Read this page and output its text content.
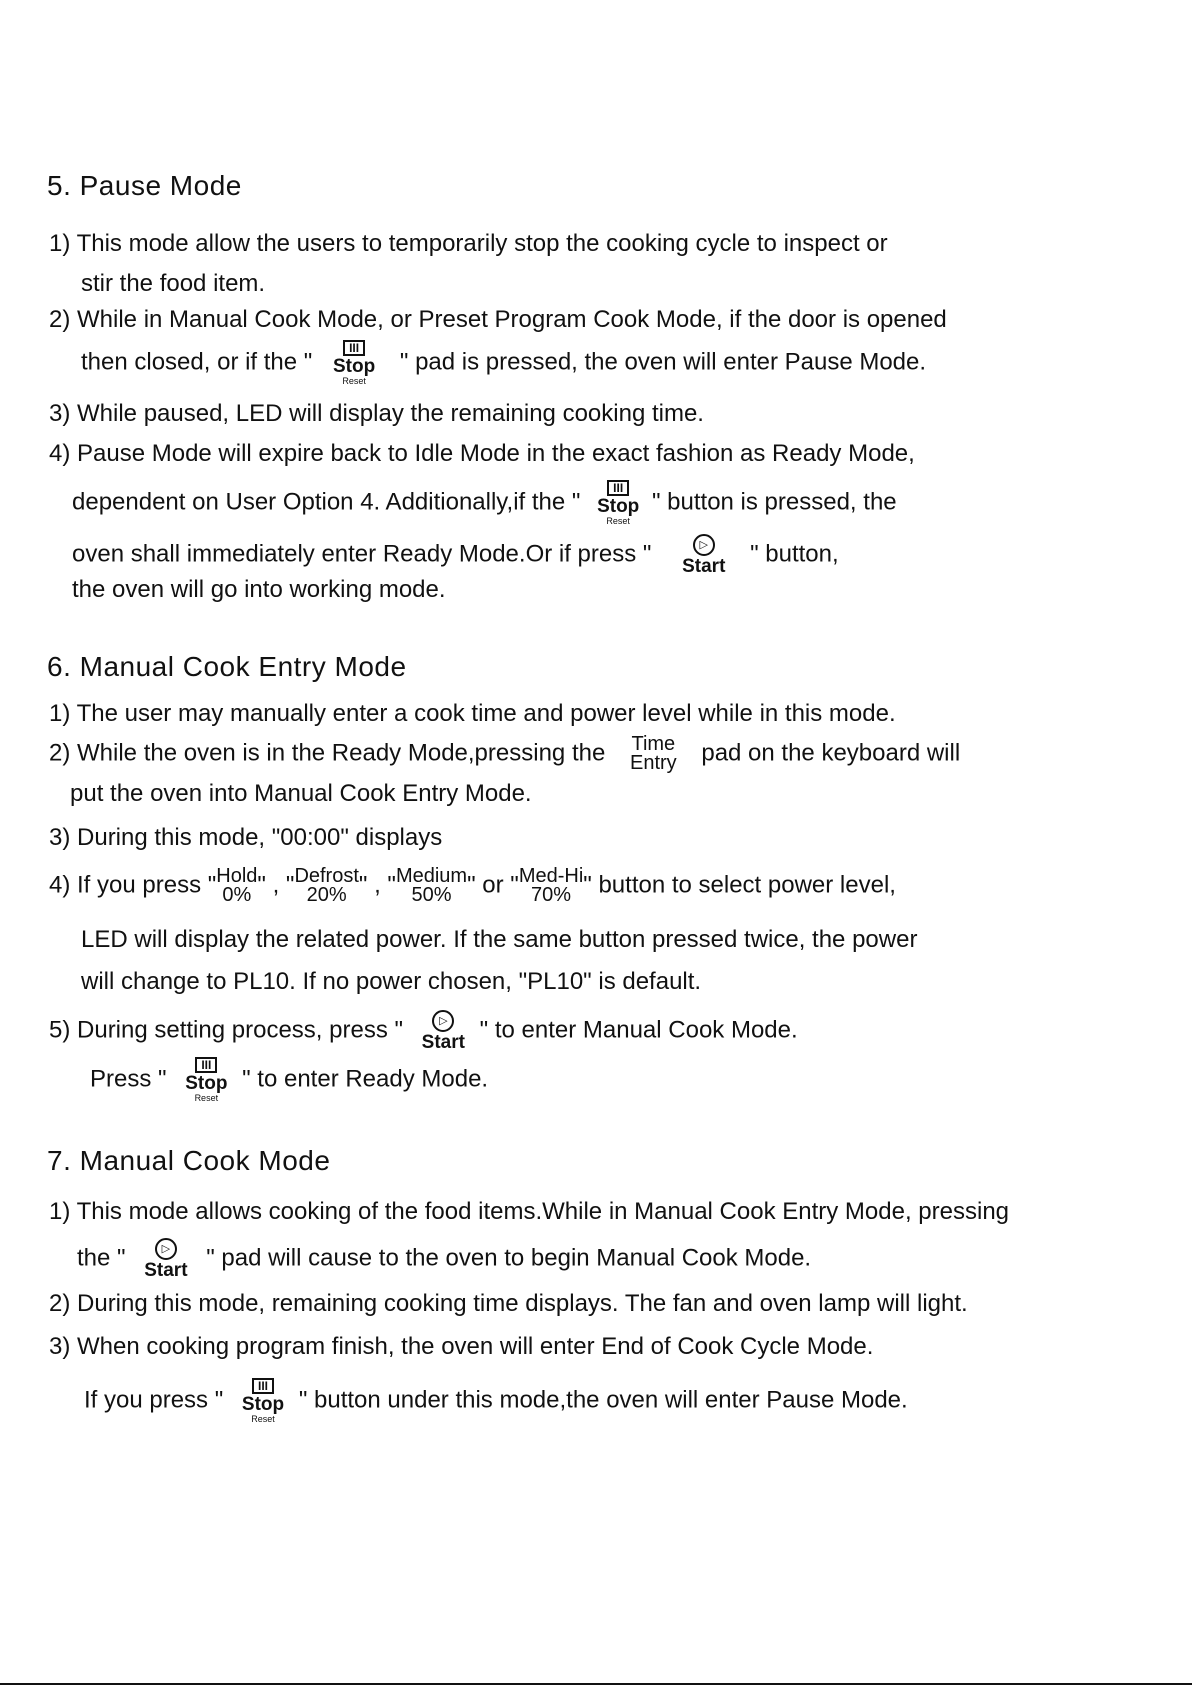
5. Pause Mode
1) This mode allow the users to temporarily stop the cooking cycle to inspect or
stir the food item.
2) While in Manual Cook Mode, or Preset Program Cook Mode, if the door is opened
then closed, or if the "
III
Stop
Reset
" pad is pressed, the oven will enter Pause Mode.
3) While paused, LED will display the remaining cooking time.
4) Pause Mode will expire back to Idle Mode in the exact fashion as Ready Mode,
dependent on User Option 4. Additionally,if the "
III
Stop
Reset
" button is pressed, the
oven shall immediately enter Ready Mode.Or if press "	▷
Start " button,
the oven will go into working mode.
6. Manual Cook Entry Mode
1) The user may manually enter a cook time and power level while in this mode.
2) While the oven is in the Ready Mode,pressing the Time
Entry pad on the keyboard will
put the oven into Manual Cook Entry Mode.
3) During this mode, "00:00" displays
4) If you press " Hold
0% " , " Defrost
20% " , " Medium
50% " or " Med-Hi
70% " button to select power level,
LED will display the related power. If the same button pressed twice, the power
will change to PL10. If no power chosen, "PL10" is default.
5) During setting process, press "	▷
Start " to enter Manual Cook Mode.
Press "
III
Stop
Reset
" to enter Ready Mode.
7. Manual Cook Mode
1) This mode allows cooking of the food items.While in Manual Cook Entry Mode, pressing
the "	▷
Start " pad will cause to the oven to begin Manual Cook Mode.
2) During this mode, remaining cooking time displays. The fan and oven lamp will light.
3) When cooking program finish, the oven will enter End of Cook Cycle Mode.
If you press "
III
Stop
Reset
" button under this mode,the oven will enter Pause Mode.
